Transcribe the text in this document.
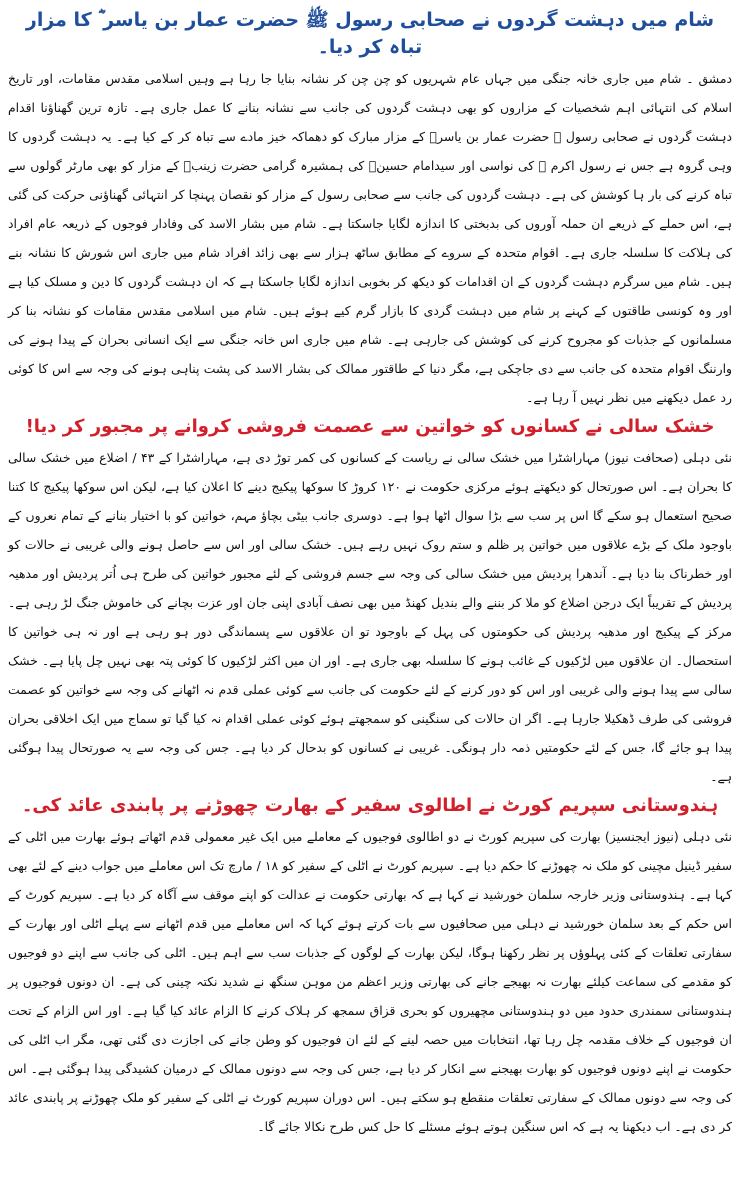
شام میں دہشت گردوں نے صحابی رسول ﷺ حضرت عمار بن یاسر ؓ کا مزار تباہ کر دیا۔

دمشق ۔ شام میں جاری خانہ جنگی میں جہاں عام شہریوں کو چن چن کر نشانہ بنایا جا رہا ہے وہیں اسلامی مقدس مقامات، اور تاریخ اسلام کی انتہائی اہم شخصیات کے مزاروں کو بھی دہشت گردوں کی جانب سے نشانہ بنانے کا عمل جاری ہے۔ تازہ ترین گھناؤنا اقدام دہشت گردوں نے صحابی رسول ﷺ حضرت عمار بن یاسرؓ کے مزار مبارک کو دھماکہ خیز مادے سے تباہ کر کے کیا ہے۔ یہ دہشت گردوں کا وہی گروہ ہے جس نے رسول اکرم ﷺ کی نواسی اور سیدامام حسینؓ کی ہمشیرہ گرامی حضرت زینبؓ کے مزار کو بھی مارٹر گولوں سے تباہ کرنے کی بار ہا کوشش کی ہے۔ دہشت گردوں کی جانب سے صحابی رسول کے مزار کو نقصان پہنچا کر انتہائی گھناؤنی حرکت کی گئی ہے، اس حملے کے ذریعے ان حملہ آوروں کی بدبختی کا اندازہ لگایا جاسکتا ہے۔ شام میں بشار الاسد کی وفادار فوجوں کے ذریعہ عام افراد کی ہلاکت کا سلسلہ جاری ہے۔ اقوام متحدہ کے سروے کے مطابق ساٹھ ہزار سے بھی زائد افراد شام میں جاری اس شورش کا نشانہ بنے ہیں۔ شام میں سرگرم دہشت گردوں کے ان اقدامات کو دیکھ کر بخوبی اندازہ لگایا جاسکتا ہے کہ ان دہشت گردوں کا دین و مسلک کیا ہے اور وہ کونسی طاقتوں کے کہنے پر شام میں دہشت گردی کا بازار گرم کیے ہوئے ہیں۔ شام میں اسلامی مقدس مقامات کو نشانہ بنا کر مسلمانوں کے جذبات کو مجروح کرنے کی کوشش کی جارہی ہے۔ شام میں جاری اس خانہ جنگی سے ایک انسانی بحران کے پیدا ہونے کی وارننگ اقوام متحدہ کی جانب سے دی جاچکی ہے، مگر دنیا کے طاقتور ممالک کی بشار الاسد کی پشت پناہی ہونے کی وجہ سے اس کا کوئی رد عمل دیکھنے میں نظر نہیں آ رہا ہے۔

خشک سالی نے کسانوں کو خواتین سے عصمت فروشی کروانے پر مجبور کر دیا!

نئی دہلی (صحافت نیوز) مہاراشٹرا میں خشک سالی نے ریاست کے کسانوں کی کمر توڑ دی ہے، مہاراشٹرا کے ۴۳ / اضلاع میں خشک سالی کا بحران ہے۔ اس صورتحال کو دیکھتے ہوئے مرکزی حکومت نے ۱۲۰ کروڑ کا سوکھا پیکیج دینے کا اعلان کیا ہے، لیکن اس سوکھا پیکیج کا کتنا صحیح استعمال ہو سکے گا اس پر سب سے بڑا سوال اٹھا ہوا ہے۔ دوسری جانب بیٹی بچاؤ مہم، خواتین کو با اختیار بنانے کے تمام نعروں کے باوجود ملک کے بڑے علاقوں میں خواتین پر ظلم و ستم روک نہیں رہے ہیں۔ خشک سالی اور اس سے حاصل ہونے والی غریبی نے حالات کو اور خطرناک بنا دیا ہے۔ آندھرا پردیش میں خشک سالی کی وجہ سے جسم فروشی کے لئے مجبور خواتین کی طرح ہی اُتر پردیش اور مدھیہ پردیش کے تقریباً ایک درجن اضلاع کو ملا کر بننے والے بندیل کھنڈ میں بھی نصف آبادی اپنی جان اور عزت بچانے کی خاموش جنگ لڑ رہی ہے۔ مرکز کے پیکیج اور مدھیہ پردیش کی حکومتوں کی پہل کے باوجود تو ان علاقوں سے پسماندگی دور ہو رہی ہے اور نہ ہی خواتین کا استحصال۔ ان علاقوں میں لڑکیوں کے غائب ہونے کا سلسلہ بھی جاری ہے۔ اور ان میں اکثر لڑکیوں کا کوئی پتہ بھی نہیں چل پایا ہے۔ خشک سالی سے پیدا ہونے والی غریبی اور اس کو دور کرنے کے لئے حکومت کی جانب سے کوئی عملی قدم نہ اٹھانے کی وجہ سے خواتین کو عصمت فروشی کی طرف ڈھکیلا جارہا ہے۔ اگر ان حالات کی سنگینی کو سمجھتے ہوئے کوئی عملی اقدام نہ کیا گیا تو سماج میں ایک اخلاقی بحران پیدا ہو جائے گا، جس کے لئے حکومتیں ذمہ دار ہونگی۔ غریبی نے کسانوں کو بدحال کر دیا ہے۔ جس کی وجہ سے یہ صورتحال پیدا ہوگئی ہے۔

ہندوستانی سپریم کورٹ نے اطالوی سفیر کے بھارت چھوڑنے پر پابندی عائد کی۔

نئی دہلی (نیوز ایجنسیز) بھارت کی سپریم کورٹ نے دو اطالوی فوجیوں کے معاملے میں ایک غیر معمولی قدم اٹھاتے ہوئے بھارت میں اٹلی کے سفیر ڈینیل مچینی کو ملک نہ چھوڑنے کا حکم دیا ہے۔ سپریم کورٹ نے اٹلی کے سفیر کو ۱۸ / مارچ تک اس معاملے میں جواب دینے کے لئے بھی کہا ہے۔ ہندوستانی وزیر خارجہ سلمان خورشید نے کہا ہے کہ بھارتی حکومت نے عدالت کو اپنے موقف سے آگاہ کر دیا ہے۔ سپریم کورٹ کے اس حکم کے بعد سلمان خورشید نے دہلی میں صحافیوں سے بات کرتے ہوئے کہا کہ اس معاملے میں قدم اٹھانے سے پہلے اٹلی اور بھارت کے سفارتی تعلقات کے کئی پہلوؤں پر نظر رکھنا ہوگا، لیکن بھارت کے لوگوں کے جذبات سب سے اہم ہیں۔ اٹلی کی جانب سے اپنے دو فوجیوں کو مقدمے کی سماعت کیلئے بھارت نہ بھیجے جانے کی بھارتی وزیر اعظم من موہن سنگھ نے شدید نکتہ چینی کی ہے۔ ان دونوں فوجیوں پر ہندوستانی سمندری حدود میں دو ہندوستانی مچھیروں کو بحری قزاق سمجھ کر ہلاک کرنے کا الزام عائد کیا گیا ہے۔ اور اس الزام کے تحت ان فوجیوں کے خلاف مقدمہ چل رہا تھا، انتخابات میں حصہ لینے کے لئے ان فوجیوں کو وطن جانے کی اجازت دی گئی تھی، مگر اب اٹلی کی حکومت نے اپنے دونوں فوجیوں کو بھارت بھیجنے سے انکار کر دیا ہے، جس کی وجہ سے دونوں ممالک کے درمیان کشیدگی پیدا ہوگئی ہے۔ اس کی وجہ سے دونوں ممالک کے سفارتی تعلقات منقطع ہو سکتے ہیں۔ اس دوران سپریم کورٹ نے اٹلی کے سفیر کو ملک چھوڑنے پر پابندی عائد کر دی ہے۔ اب دیکھنا یہ ہے کہ اس سنگین ہوتے ہوئے مسئلے کا حل کس طرح نکالا جائے گا۔
